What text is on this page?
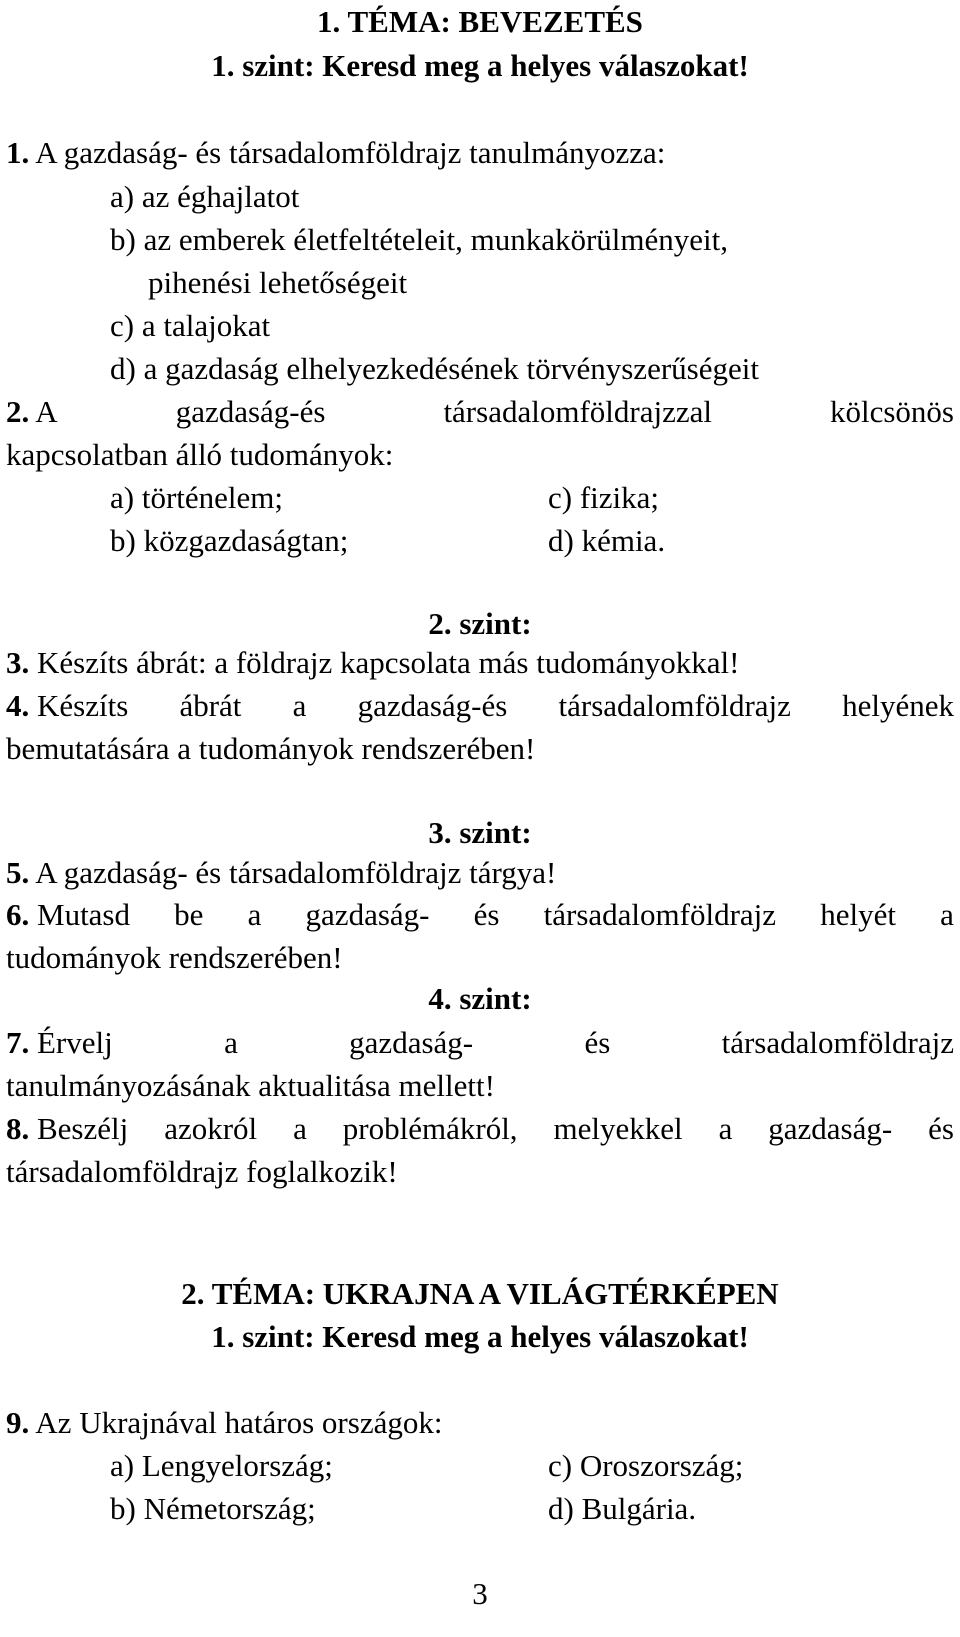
1. TÉMA: BEVEZETÉS
1. szint: Keresd meg a helyes válaszokat!
1. A gazdaság- és társadalomföldrajz tanulmányozza:
a) az éghajlatot
b) az emberek életfeltételeit, munkakörülményeit,
pihenési lehetőségeit
c) a talajokat
d) a gazdaság elhelyezkedésének törvényszerűségeit
2. A	gazdaság-és	társadalomföldrajzzal	kölcsönös
kapcsolatban álló tudományok:
a) történelem;	c) fizika;
b) közgazdaságtan;	d) kémia.
2. szint:
3. Készíts ábrát: a földrajz kapcsolata más tudományokkal!
4. Készíts ábrát a gazdaság-és társadalomföldrajz helyének
bemutatására a tudományok rendszerében!
3. szint:
5. A gazdaság- és társadalomföldrajz tárgya!
6. Mutasd be a gazdaság- és társadalomföldrajz helyét a
tudományok rendszerében!
4. szint:
7. Érvelj	a	gazdaság-	és	társadalomföldrajz
tanulmányozásának aktualitása mellett!
8. Beszélj azokról a problémákról, melyekkel a gazdaság- és
társadalomföldrajz foglalkozik!
2. TÉMA: UKRAJNA A VILÁGTÉRKÉPEN
1. szint: Keresd meg a helyes válaszokat!
9. Az Ukrajnával határos országok:
a) Lengyelország;	c) Oroszország;
b) Németország;	d) Bulgária.
3
